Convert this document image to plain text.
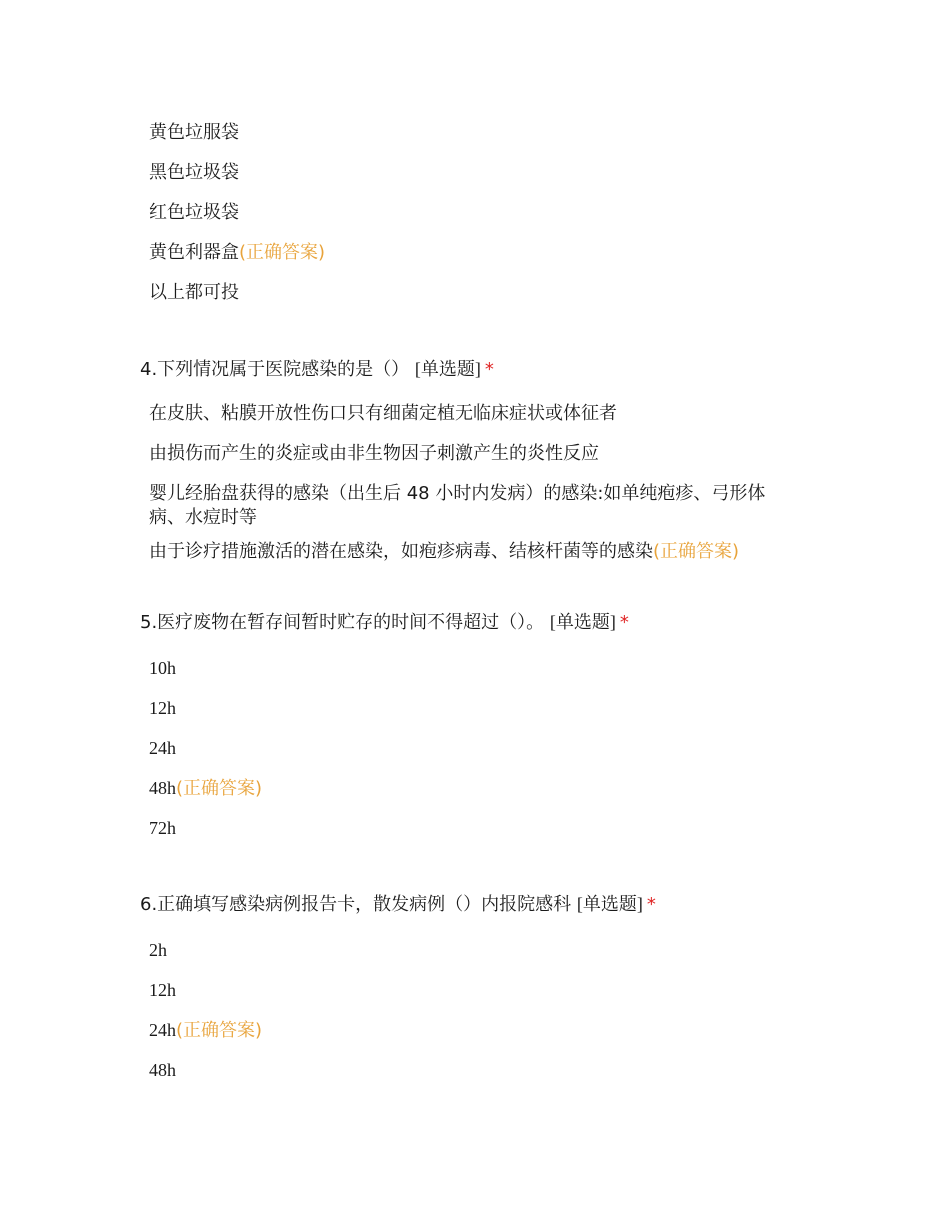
黄色垃服袋
黑色垃圾袋
红色垃圾袋
黄色利器盒(正确答案)
以上都可投
4.下列情况属于医院感染的是（） [单选题] *
在皮肤、粘膜开放性伤口只有细菌定植无临床症状或体征者
由损伤而产生的炎症或由非生物因子刺激产生的炎性反应
婴儿经胎盘获得的感染（出生后 48 小时内发病）的感染:如单纯疱疹、弓形体病、水痘时等
由于诊疗措施激活的潜在感染，如疱疹病毒、结核杆菌等的感染(正确答案)
5.医疗废物在暂存间暂时贮存的时间不得超过（）。 [单选题] *
10h
12h
24h
48h(正确答案)
72h
6.正确填写感染病例报告卡，散发病例（）内报院感科 [单选题] *
2h
12h
24h(正确答案)
48h
